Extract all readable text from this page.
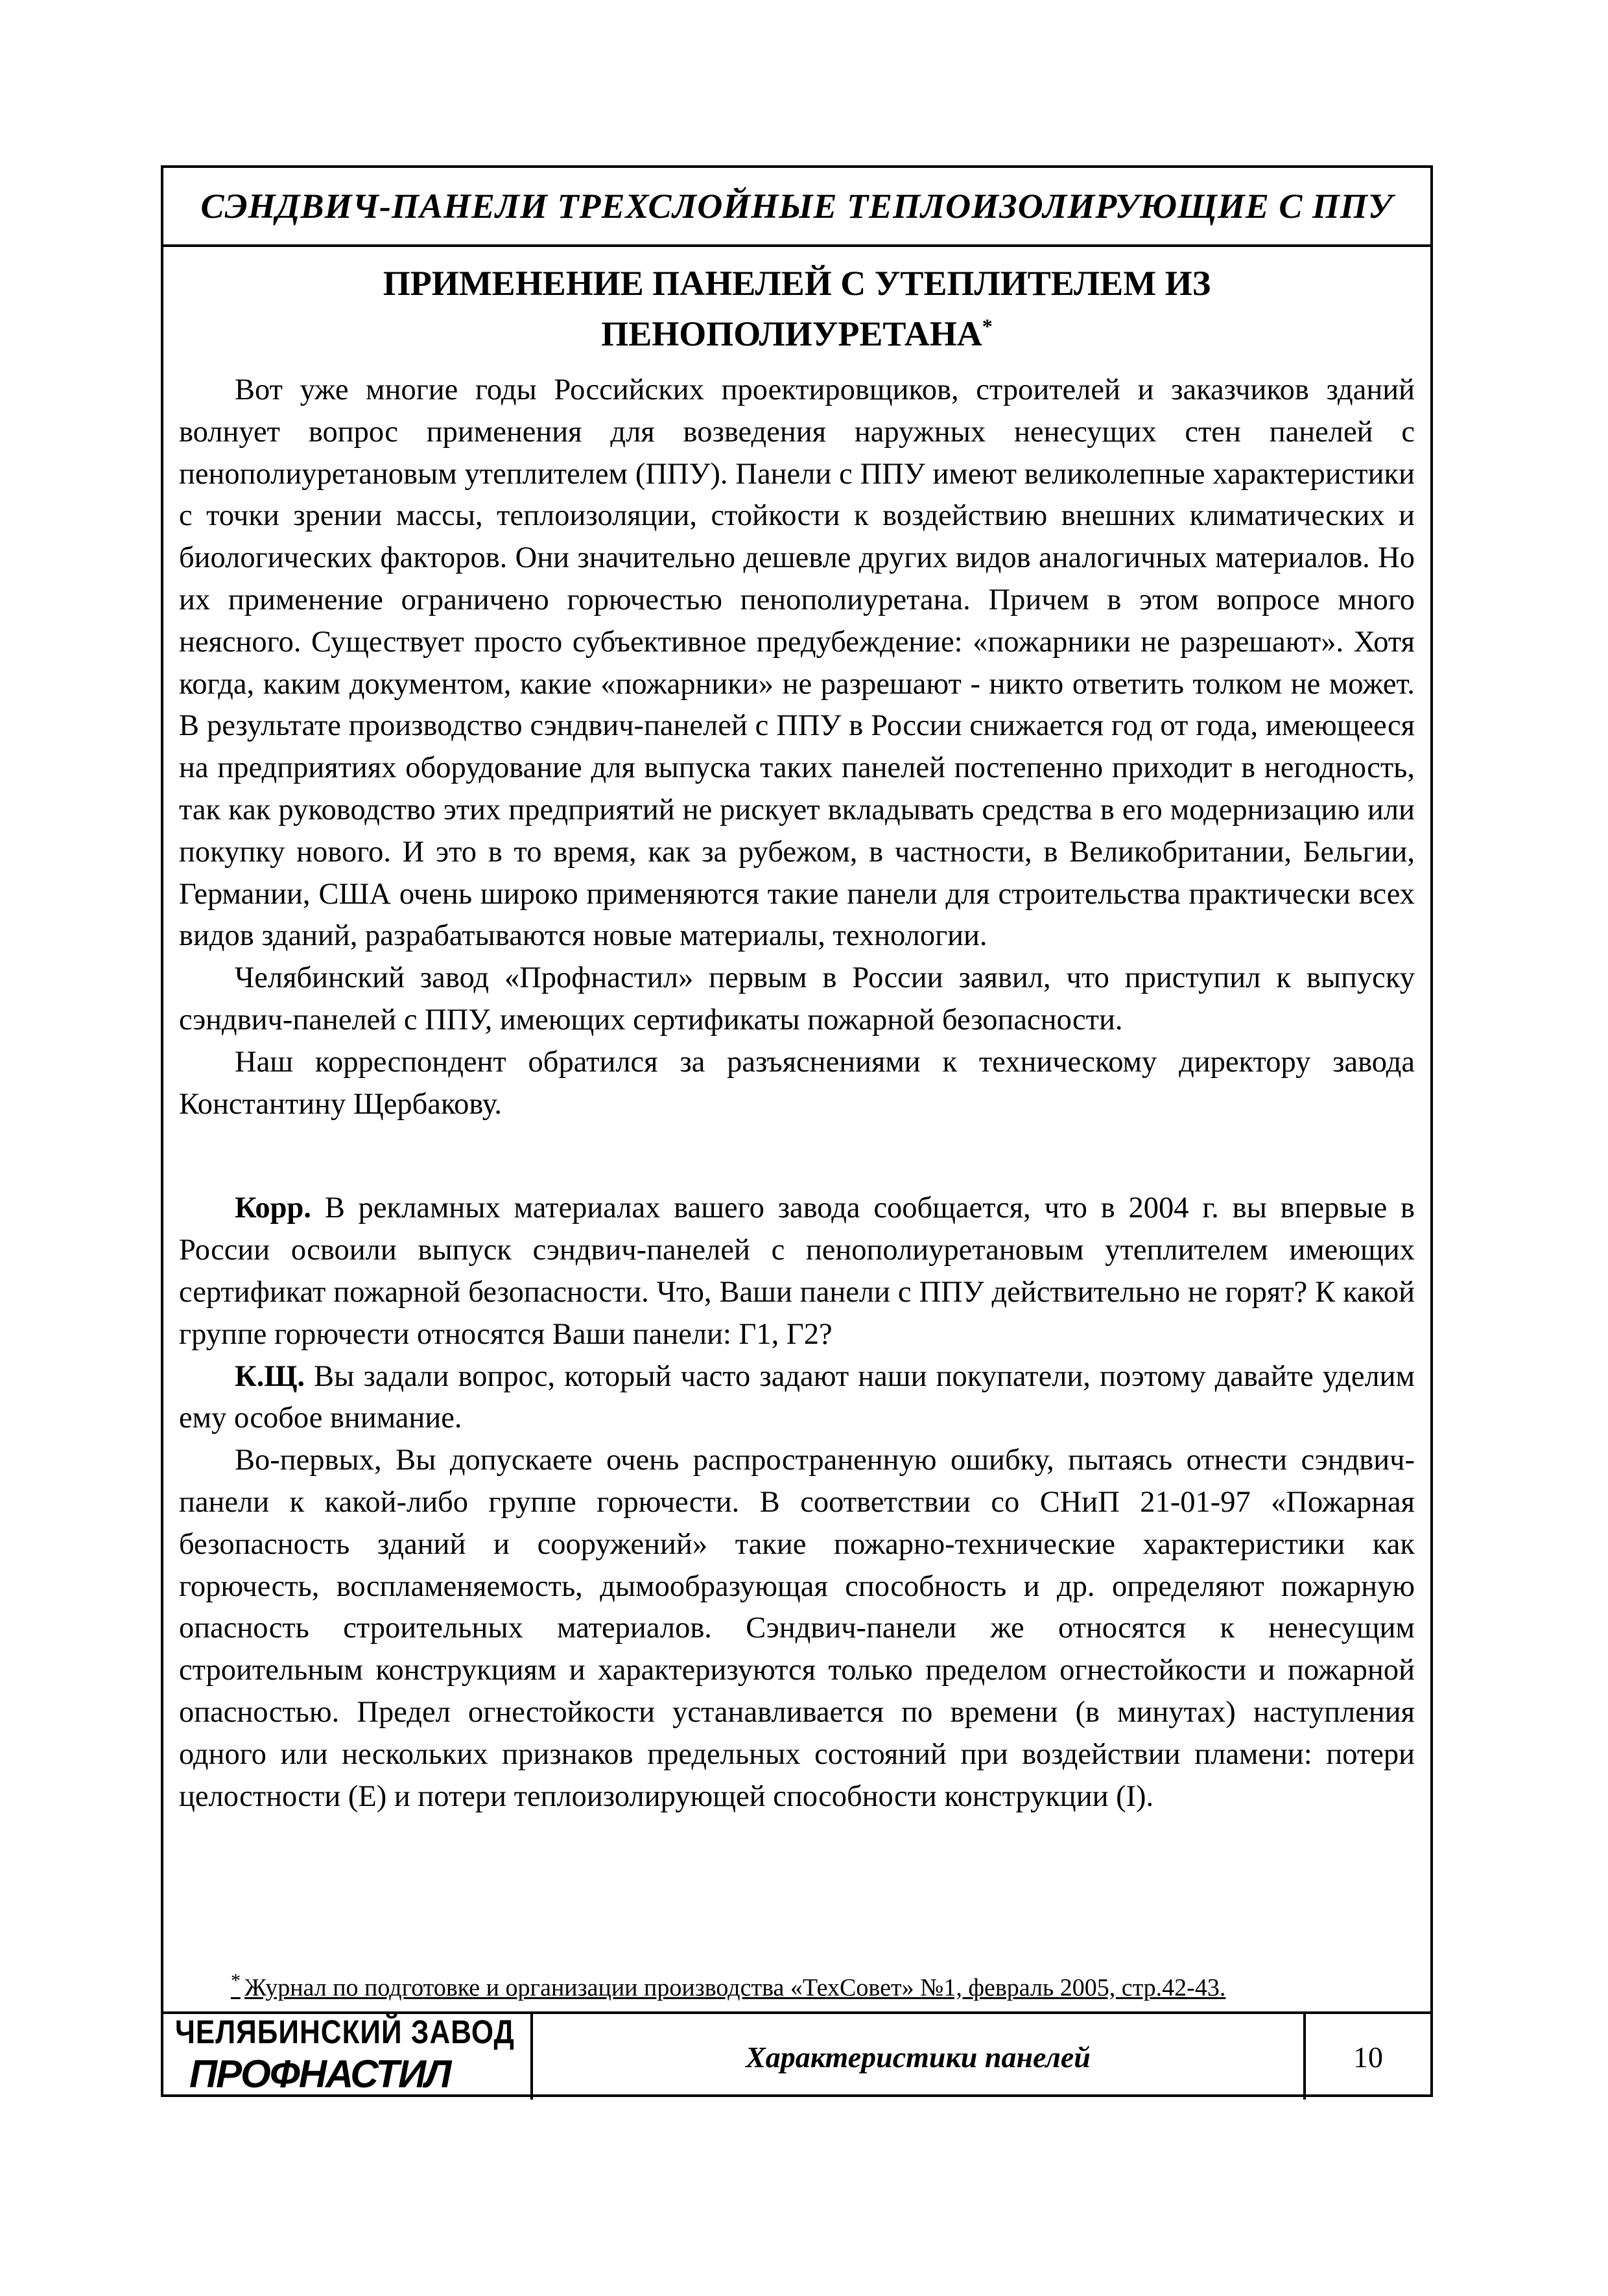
СЭНДВИЧ-ПАНЕЛИ ТРЕХСЛОЙНЫЕ ТЕПЛОИЗОЛИРУЮЩИЕ С ППУ
ПРИМЕНЕНИЕ ПАНЕЛЕЙ С УТЕПЛИТЕЛЕМ ИЗ
ПЕНОПОЛИУРЕТАНА*

Вот уже многие годы Российских проектировщиков, строителей и заказчиков зданий волнует вопрос применения для возведения наружных ненесущих стен панелей с пенополиуретановым утеплителем (ППУ). Панели с ППУ имеют великолепные характеристики с точки зрении массы, теплоизоляции, стойкости к воздействию внешних климатических и биологических факторов. Они значительно дешевле других видов аналогичных материалов. Но их применение ограничено горючестью пенополиуретана. Причем в этом вопросе много неясного. Существует просто субъективное предубеждение: «пожарники не разрешают». Хотя когда, каким документом, какие «пожарники» не разрешают - никто ответить толком не может. В результате производство сэндвич-панелей с ППУ в России снижается год от года, имеющееся на предприятиях оборудование для выпуска таких панелей постепенно приходит в негодность, так как руководство этих предприятий не рискует вкладывать средства в его модернизацию или покупку нового. И это в то время, как за рубежом, в частности, в Великобритании, Бельгии, Германии, США очень широко применяются такие панели для строительства практически всех видов зданий, разрабатываются новые материалы, технологии.

Челябинский завод «Профнастил» первым в России заявил, что приступил к выпуску сэндвич-панелей с ППУ, имеющих сертификаты пожарной безопасности.

Наш корреспондент обратился за разъяснениями к техническому директору завода Константину Щербакову.

Корр. В рекламных материалах вашего завода сообщается, что в 2004 г. вы впервые в России освоили выпуск сэндвич-панелей с пенополиуретановым утеплителем имеющих сертификат пожарной безопасности. Что, Ваши панели с ППУ действительно не горят? К какой группе горючести относятся Ваши панели: Г1, Г2?

К.Щ. Вы задали вопрос, который часто задают наши покупатели, поэтому давайте уделим ему особое внимание.

Во-первых, Вы допускаете очень распространенную ошибку, пытаясь отнести сэндвич-панели к какой-либо группе горючести. В соответствии со СНиП 21-01-97 «Пожарная безопасность зданий и сооружений» такие пожарно-технические характеристики как горючесть, воспламеняемость, дымообразующая способность и др. определяют пожарную опасность строительных материалов. Сэндвич-панели же относятся к ненесущим строительным конструкциям и характеризуются только пределом огнестойкости и пожарной опасностью. Предел огнестойкости устанавливается по времени (в минутах) наступления одного или нескольких признаков предельных состояний при воздействии пламени: потери целостности (Е) и потери теплоизолирующей способности конструкции (I).

* Журнал по подготовке и организации производства «ТехСовет» №1, февраль 2005, стр.42-43.
ЧЕЛЯБИНСКИЙ ЗАВОД
ПРОФНАСТИЛ	Характеристики панелей	10
